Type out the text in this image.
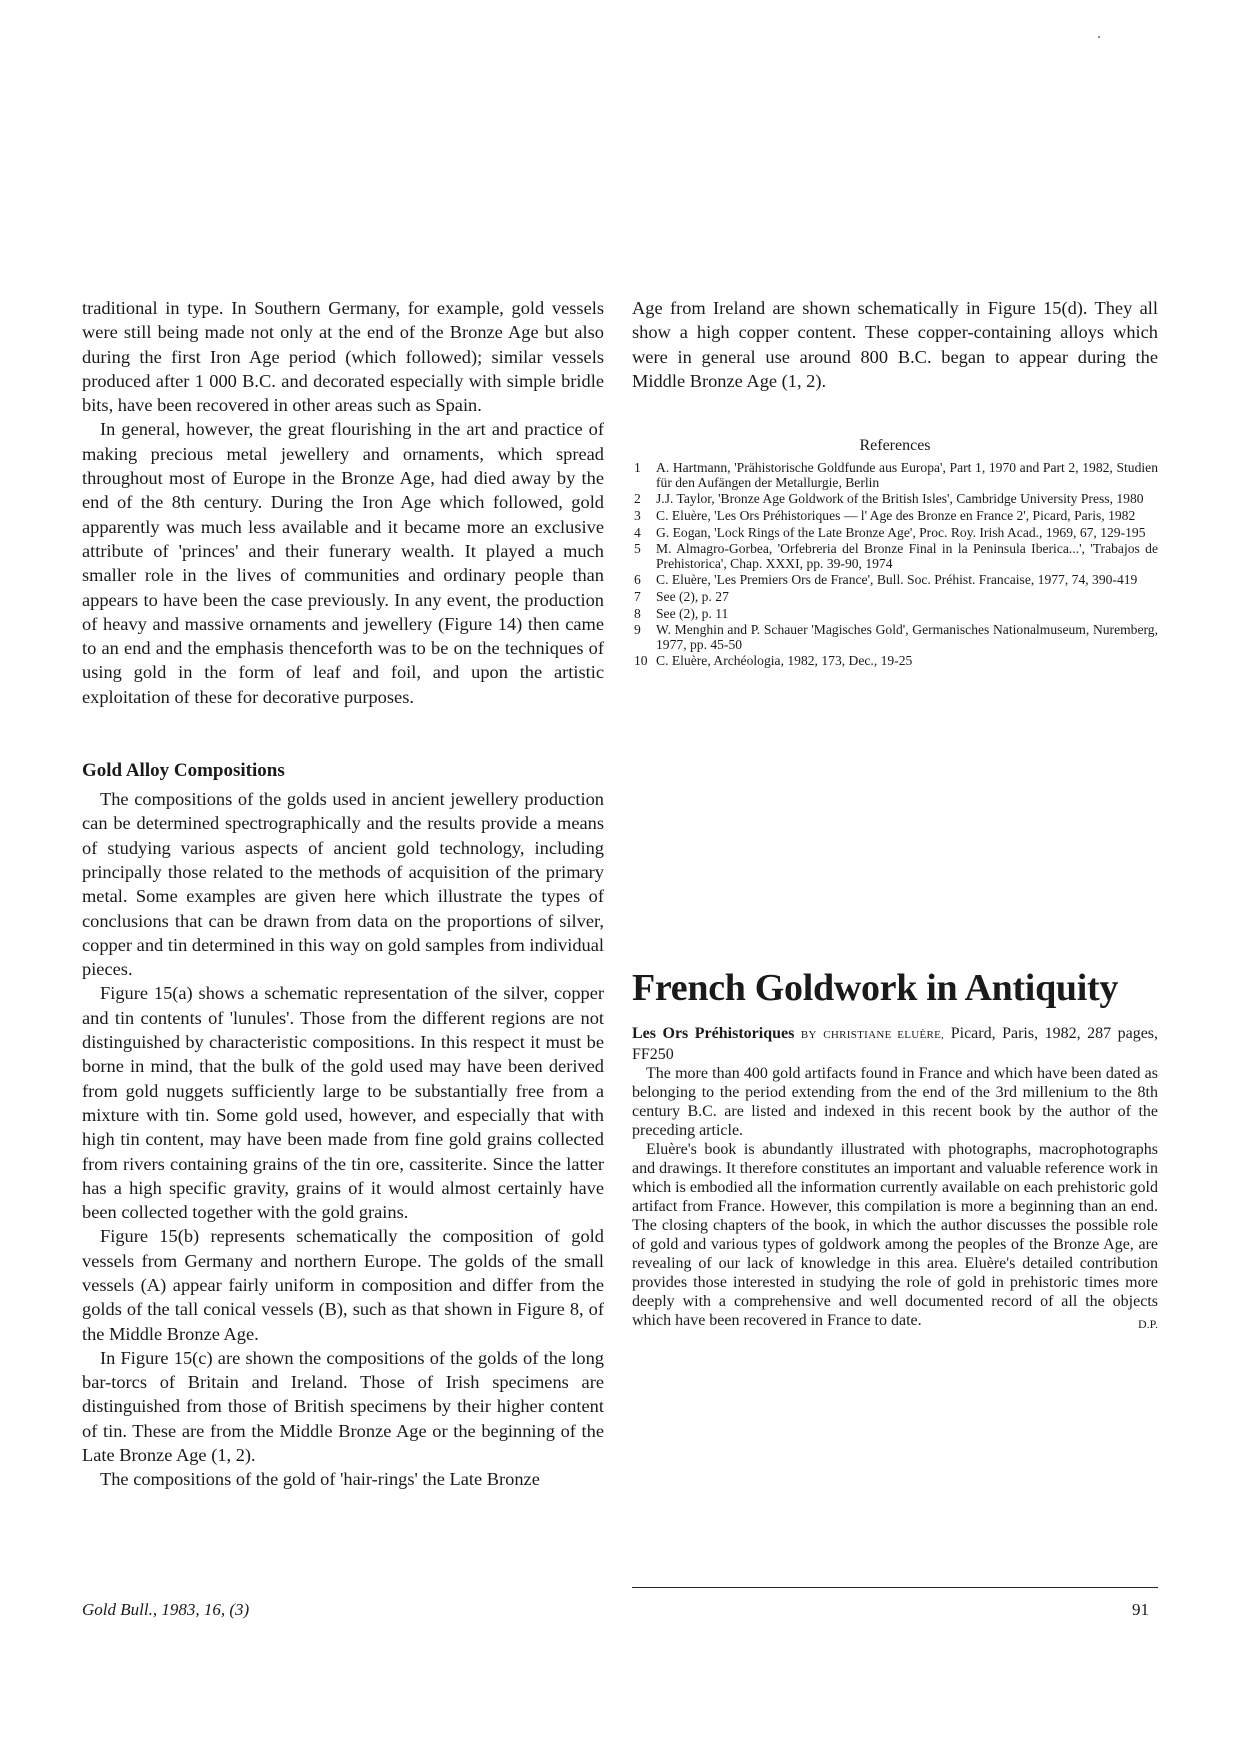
traditional in type. In Southern Germany, for example, gold vessels were still being made not only at the end of the Bronze Age but also during the first Iron Age period (which followed); similar vessels produced after 1 000 B.C. and decorated especially with simple bridle bits, have been recovered in other areas such as Spain.

In general, however, the great flourishing in the art and practice of making precious metal jewellery and ornaments, which spread throughout most of Europe in the Bronze Age, had died away by the end of the 8th century. During the Iron Age which followed, gold apparently was much less available and it became more an exclusive attribute of 'princes' and their funerary wealth. It played a much smaller role in the lives of communities and ordinary people than appears to have been the case previously. In any event, the production of heavy and massive ornaments and jewellery (Figure 14) then came to an end and the emphasis thenceforth was to be on the techniques of using gold in the form of leaf and foil, and upon the artistic exploitation of these for decorative purposes.

Gold Alloy Compositions

The compositions of the golds used in ancient jewellery production can be determined spectrographically and the results provide a means of studying various aspects of ancient gold technology, including principally those related to the methods of acquisition of the primary metal. Some examples are given here which illustrate the types of conclusions that can be drawn from data on the proportions of silver, copper and tin determined in this way on gold samples from individual pieces.

Figure 15(a) shows a schematic representation of the silver, copper and tin contents of 'lunules'. Those from the different regions are not distinguished by characteristic compositions. In this respect it must be borne in mind, that the bulk of the gold used may have been derived from gold nuggets sufficiently large to be substantially free from a mixture with tin. Some gold used, however, and especially that with high tin content, may have been made from fine gold grains collected from rivers containing grains of the tin ore, cassiterite. Since the latter has a high specific gravity, grains of it would almost certainly have been collected together with the gold grains.

Figure 15(b) represents schematically the composition of gold vessels from Germany and northern Europe. The golds of the small vessels (A) appear fairly uniform in composition and differ from the golds of the tall conical vessels (B), such as that shown in Figure 8, of the Middle Bronze Age.

In Figure 15(c) are shown the compositions of the golds of the long bar-torcs of Britain and Ireland. Those of Irish specimens are distinguished from those of British specimens by their higher content of tin. These are from the Middle Bronze Age or the beginning of the Late Bronze Age (1, 2).

The compositions of the gold of 'hair-rings' the Late Bronze

Age from Ireland are shown schematically in Figure 15(d). They all show a high copper content. These copper-containing alloys which were in general use around 800 B.C. began to appear during the Middle Bronze Age (1, 2).

References
1 A. Hartmann, 'Prähistorische Goldfunde aus Europa', Part 1, 1970 and Part 2, 1982, Studien für den Aufängen der Metallurgie, Berlin
2 J.J. Taylor, 'Bronze Age Goldwork of the British Isles', Cambridge University Press, 1980
3 C. Eluère, 'Les Ors Préhistoriques — l' Age des Bronze en France 2', Picard, Paris, 1982
4 G. Eogan, 'Lock Rings of the Late Bronze Age', Proc. Roy. Irish Acad., 1969, 67, 129-195
5 M. Almagro-Gorbea, 'Orfebreria del Bronze Final in la Peninsula Iberica...', 'Trabajos de Prehistorica', Chap. XXXI, pp. 39-90, 1974
6 C. Eluère, 'Les Premiers Ors de France', Bull. Soc. Préhist. Francaise, 1977, 74, 390-419
7 See (2), p. 27
8 See (2), p. 11
9 W. Menghin and P. Schauer 'Magisches Gold', Germanisches Nationalmuseum, Nuremberg, 1977, pp. 45-50
10 C. Eluère, Archéologia, 1982, 173, Dec., 19-25
French Goldwork in Antiquity

Les Ors Préhistoriques BY CHRISTIANE ELUÈRE, Picard, Paris, 1982, 287 pages, FF250

The more than 400 gold artifacts found in France and which have been dated as belonging to the period extending from the end of the 3rd millenium to the 8th century B.C. are listed and indexed in this recent book by the author of the preceding article.

Eluère's book is abundantly illustrated with photographs, macrophotographs and drawings. It therefore constitutes an important and valuable reference work in which is embodied all the information currently available on each prehistoric gold artifact from France. However, this compilation is more a beginning than an end. The closing chapters of the book, in which the author discusses the possible role of gold and various types of goldwork among the peoples of the Bronze Age, are revealing of our lack of knowledge in this area. Eluère's detailed contribution provides those interested in studying the role of gold in prehistoric times more deeply with a comprehensive and well documented record of all the objects which have been recovered in France to date.	D.P.

Gold Bull., 1983, 16, (3)	91
